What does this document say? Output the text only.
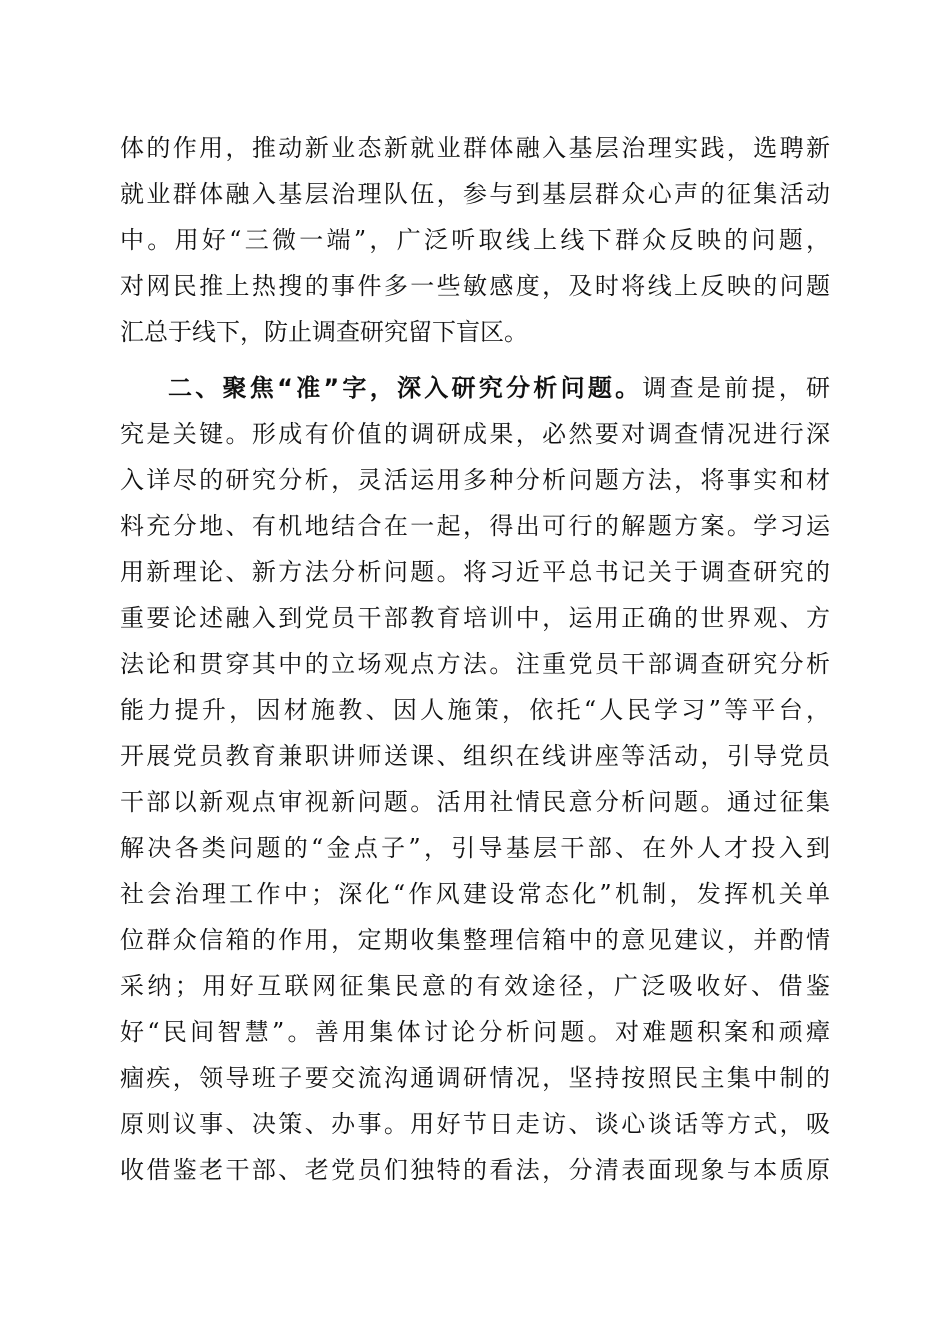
体的作用，推动新业态新就业群体融入基层治理实践，选聘新
就业群体融入基层治理队伍，参与到基层群众心声的征集活动
中。用好“三微一端”，广泛听取线上线下群众反映的问题，
对网民推上热搜的事件多一些敏感度，及时将线上反映的问题
汇总于线下，防止调查研究留下盲区。
二、聚焦“准”字，深入研究分析问题。调查是前提，研
究是关键。形成有价值的调研成果，必然要对调查情况进行深
入详尽的研究分析，灵活运用多种分析问题方法，将事实和材
料充分地、有机地结合在一起，得出可行的解题方案。学习运
用新理论、新方法分析问题。将习近平总书记关于调查研究的
重要论述融入到党员干部教育培训中，运用正确的世界观、方
法论和贯穿其中的立场观点方法。注重党员干部调查研究分析
能力提升，因材施教、因人施策，依托“人民学习”等平台，
开展党员教育兼职讲师送课、组织在线讲座等活动，引导党员
干部以新观点审视新问题。活用社情民意分析问题。通过征集
解决各类问题的“金点子”，引导基层干部、在外人才投入到
社会治理工作中；深化“作风建设常态化”机制，发挥机关单
位群众信箱的作用，定期收集整理信箱中的意见建议，并酌情
采纳；用好互联网征集民意的有效途径，广泛吸收好、借鉴
好“民间智慧”。善用集体讨论分析问题。对难题积案和顽瘴
痼疾，领导班子要交流沟通调研情况，坚持按照民主集中制的
原则议事、决策、办事。用好节日走访、谈心谈话等方式，吸
收借鉴老干部、老党员们独特的看法，分清表面现象与本质原
